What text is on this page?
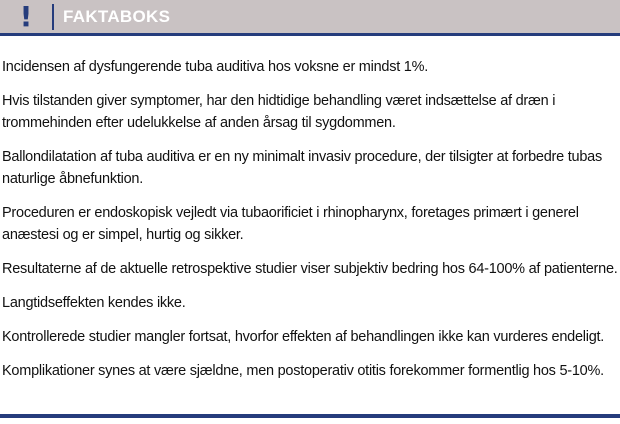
!	FAKTABOKS

Incidensen af dysfungerende tuba auditiva hos voksne er mindst 1%.

Hvis tilstanden giver symptomer, har den hidtidige behandling været indsættelse af dræn i trommehinden efter udelukkelse af anden årsag til sygdommen.

Ballondilatation af tuba auditiva er en ny minimalt invasiv procedure, der tilsigter at forbedre tubas naturlige åbnefunktion.

Proceduren er endoskopisk vejledt via tubaorificiet i rhinopharynx, foretages primært i generel anæstesi og er simpel, hurtig og sikker.

Resultaterne af de aktuelle retrospektive studier viser subjektiv bedring hos 64-100% af patienterne.

Langtidseffekten kendes ikke.

Kontrollerede studier mangler fortsat, hvorfor effekten af behandlingen ikke kan vurderes endeligt.

Komplikationer synes at være sjældne, men postoperativ otitis forekommer formentlig hos 5-10%.
